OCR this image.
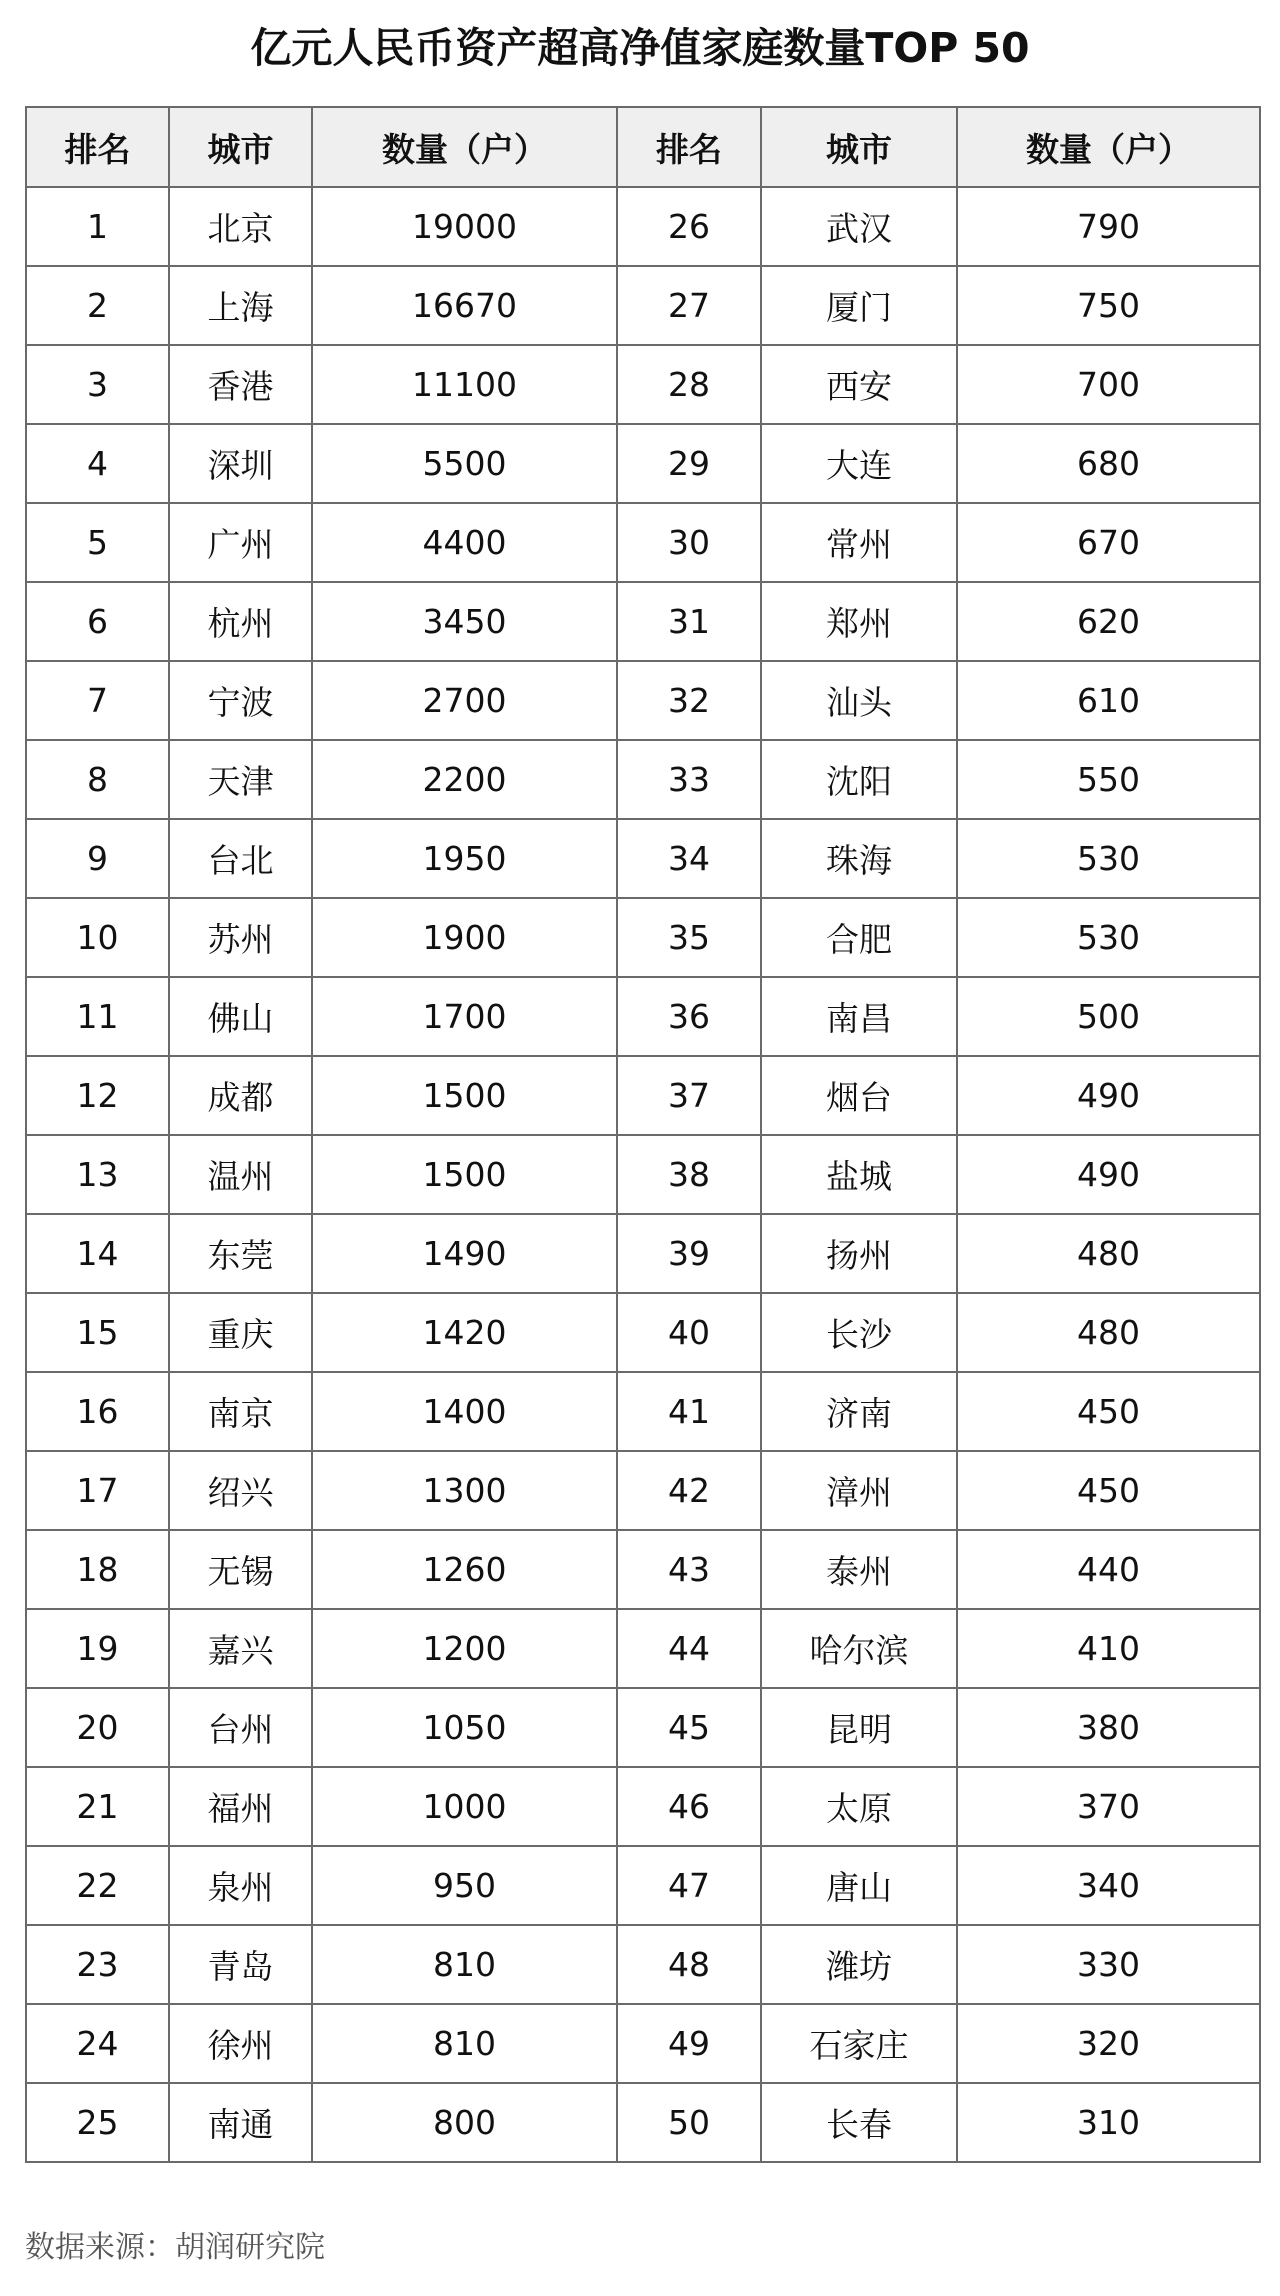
亿元人民币资产超高净值家庭数量TOP 50
排名	城市	数量（户）	排名	城市	数量（户）
1	北京	19000	26	武汉	790
2	上海	16670	27	厦门	750
3	香港	11100	28	西安	700
4	深圳	5500	29	大连	680
5	广州	4400	30	常州	670
6	杭州	3450	31	郑州	620
7	宁波	2700	32	汕头	610
8	天津	2200	33	沈阳	550
9	台北	1950	34	珠海	530
10	苏州	1900	35	合肥	530
11	佛山	1700	36	南昌	500
12	成都	1500	37	烟台	490
13	温州	1500	38	盐城	490
14	东莞	1490	39	扬州	480
15	重庆	1420	40	长沙	480
16	南京	1400	41	济南	450
17	绍兴	1300	42	漳州	450
18	无锡	1260	43	泰州	440
19	嘉兴	1200	44	哈尔滨	410
20	台州	1050	45	昆明	380
21	福州	1000	46	太原	370
22	泉州	950	47	唐山	340
23	青岛	810	48	潍坊	330
24	徐州	810	49	石家庄	320
25	南通	800	50	长春	310
数据来源：胡润研究院
